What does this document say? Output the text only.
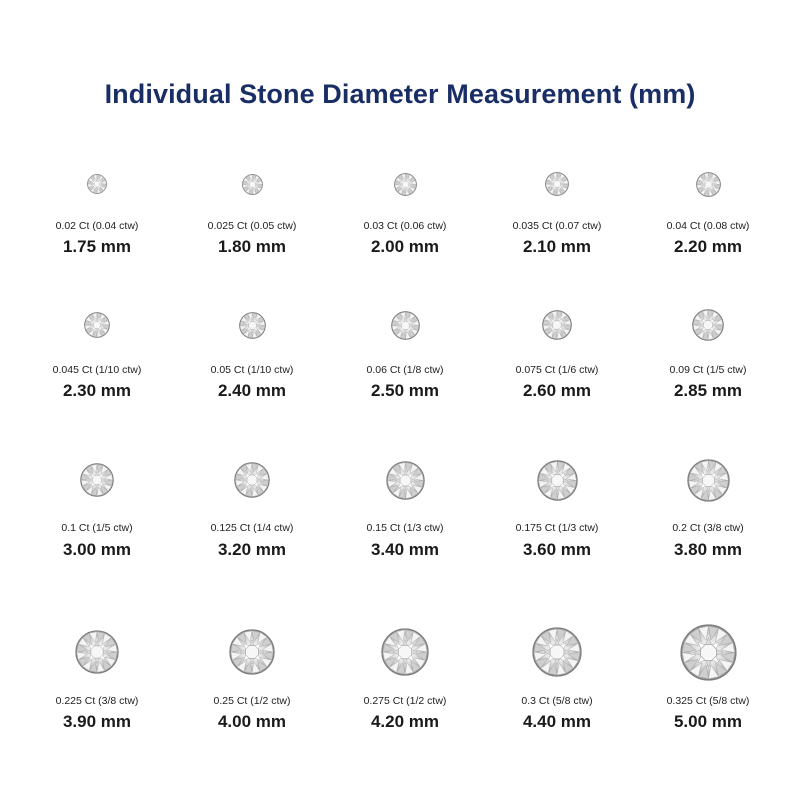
Individual Stone Diameter Measurement (mm)
0.02 Ct (0.04 ctw)
1.75 mm
0.025 Ct (0.05 ctw)
1.80 mm
0.03 Ct (0.06 ctw)
2.00 mm
0.035 Ct (0.07 ctw)
2.10 mm
0.04 Ct (0.08 ctw)
2.20 mm
0.045 Ct (1/10 ctw)
2.30 mm
0.05 Ct (1/10 ctw)
2.40 mm
0.06 Ct (1/8 ctw)
2.50 mm
0.075 Ct (1/6 ctw)
2.60 mm
0.09 Ct (1/5 ctw)
2.85 mm
0.1 Ct (1/5 ctw)
3.00 mm
0.125 Ct (1/4 ctw)
3.20 mm
0.15 Ct (1/3 ctw)
3.40 mm
0.175 Ct (1/3 ctw)
3.60 mm
0.2 Ct (3/8 ctw)
3.80 mm
0.225 Ct (3/8 ctw)
3.90 mm
0.25 Ct (1/2 ctw)
4.00 mm
0.275 Ct (1/2 ctw)
4.20 mm
0.3 Ct (5/8 ctw)
4.40 mm
0.325 Ct (5/8 ctw)
5.00 mm
